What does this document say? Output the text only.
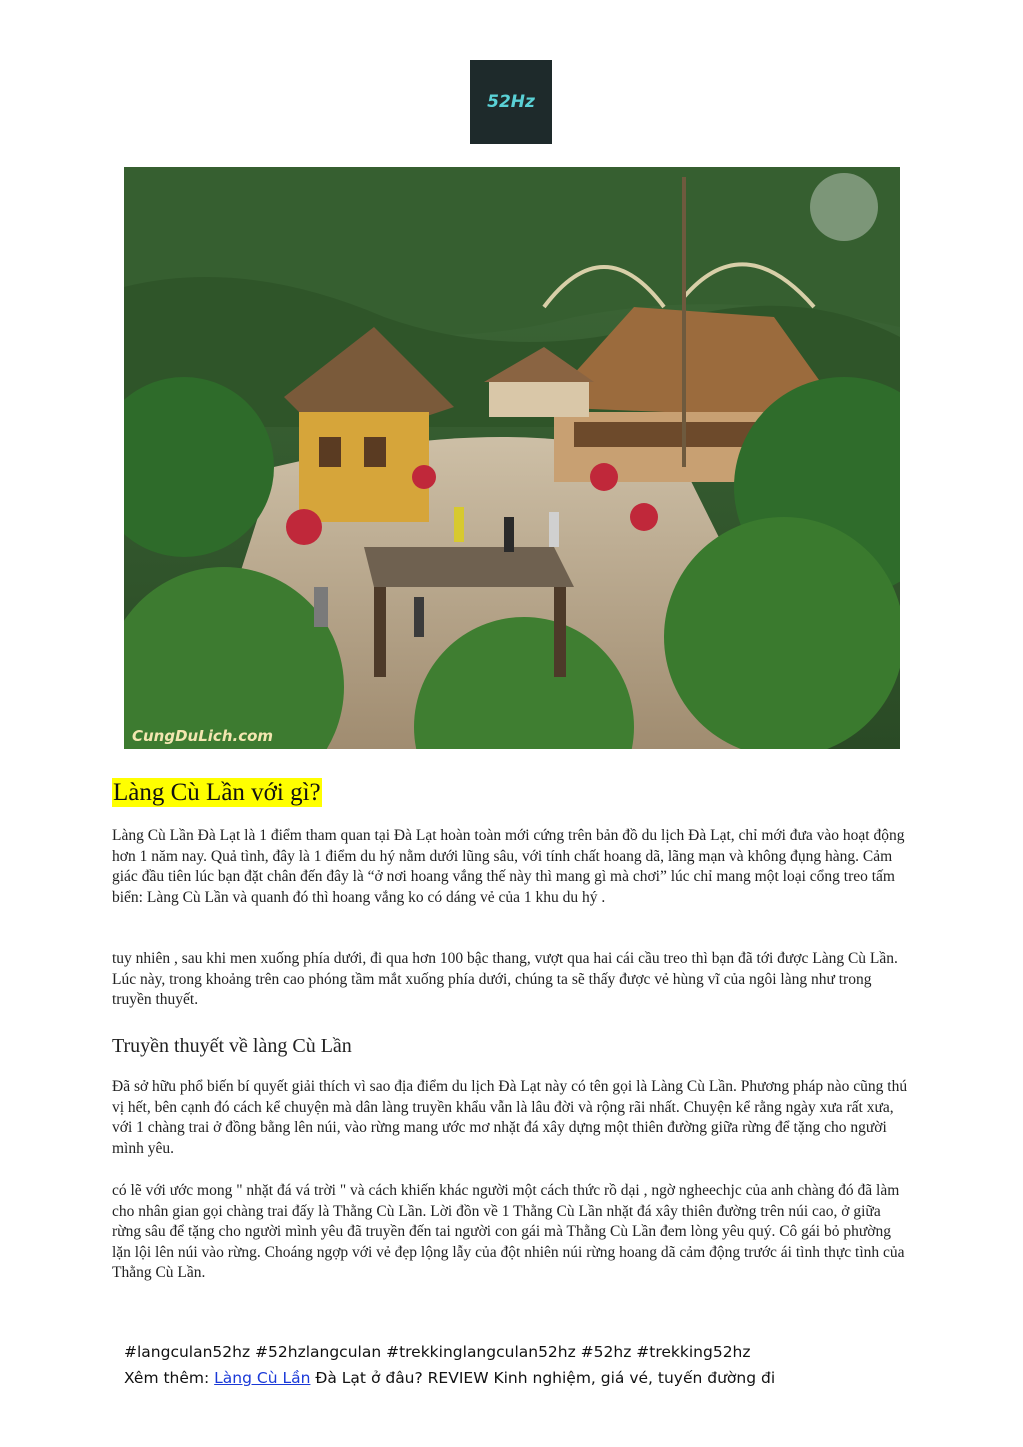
52Hz
CungDuLich.com
Làng Cù Lần với gì?

Làng Cù Lần Đà Lạt là 1 điểm tham quan tại Đà Lạt hoàn toàn mới cứng trên bản đồ du lịch Đà Lạt, chỉ mới đưa vào hoạt động hơn 1 năm nay. Quả tình, đây là 1 điểm du hý nằm dưới lũng sâu, với tính chất hoang dã, lãng mạn và không đụng hàng. Cảm giác đầu tiên lúc bạn đặt chân đến đây là “ở nơi hoang vắng thế này thì mang gì mà chơi” lúc chỉ mang một loại cổng treo tấm biển: Làng Cù Lần và quanh đó thì hoang vắng ko có dáng vẻ của 1 khu du hý .

tuy nhiên , sau khi men xuống phía dưới, đi qua hơn 100 bậc thang, vượt qua hai cái cầu treo thì bạn đã tới được Làng Cù Lần. Lúc này, trong khoảng trên cao phóng tầm mắt xuống phía dưới, chúng ta sẽ thấy được vẻ hùng vĩ của ngôi làng như trong truyền thuyết.

Truyền thuyết về làng Cù Lần

Đã sở hữu phổ biến bí quyết giải thích vì sao địa điểm du lịch Đà Lạt này có tên gọi là Làng Cù Lần. Phương pháp nào cũng thú vị hết, bên cạnh đó cách kể chuyện mà dân làng truyền khẩu vẫn là lâu đời và rộng rãi nhất. Chuyện kể rằng ngày xưa rất xưa, với 1 chàng trai ở đồng bằng lên núi, vào rừng mang ước mơ nhặt đá xây dựng một thiên đường giữa rừng để tặng cho người mình yêu.

có lẽ với ước mong " nhặt đá vá trời " và cách khiến khác người một cách thức rồ dại , ngờ ngheechjc của anh chàng đó đã làm cho nhân gian gọi chàng trai đấy là Thằng Cù Lần. Lời đồn về 1 Thằng Cù Lần nhặt đá xây thiên đường trên núi cao, ở giữa rừng sâu để tặng cho người mình yêu đã truyền đến tai người con gái mà Thằng Cù Lần đem lòng yêu quý. Cô gái bỏ phường lặn lội lên núi vào rừng. Choáng ngợp với vẻ đẹp lộng lẫy của đột nhiên núi rừng hoang dã cảm động trước ái tình thực tình của Thằng Cù Lần.

#langculan52hz #52hzlangculan #trekkinglangculan52hz #52hz #trekking52hz
Xêm thêm: Làng Cù Lần Đà Lạt ở đâu? REVIEW Kinh nghiệm, giá vé, tuyến đường đi
